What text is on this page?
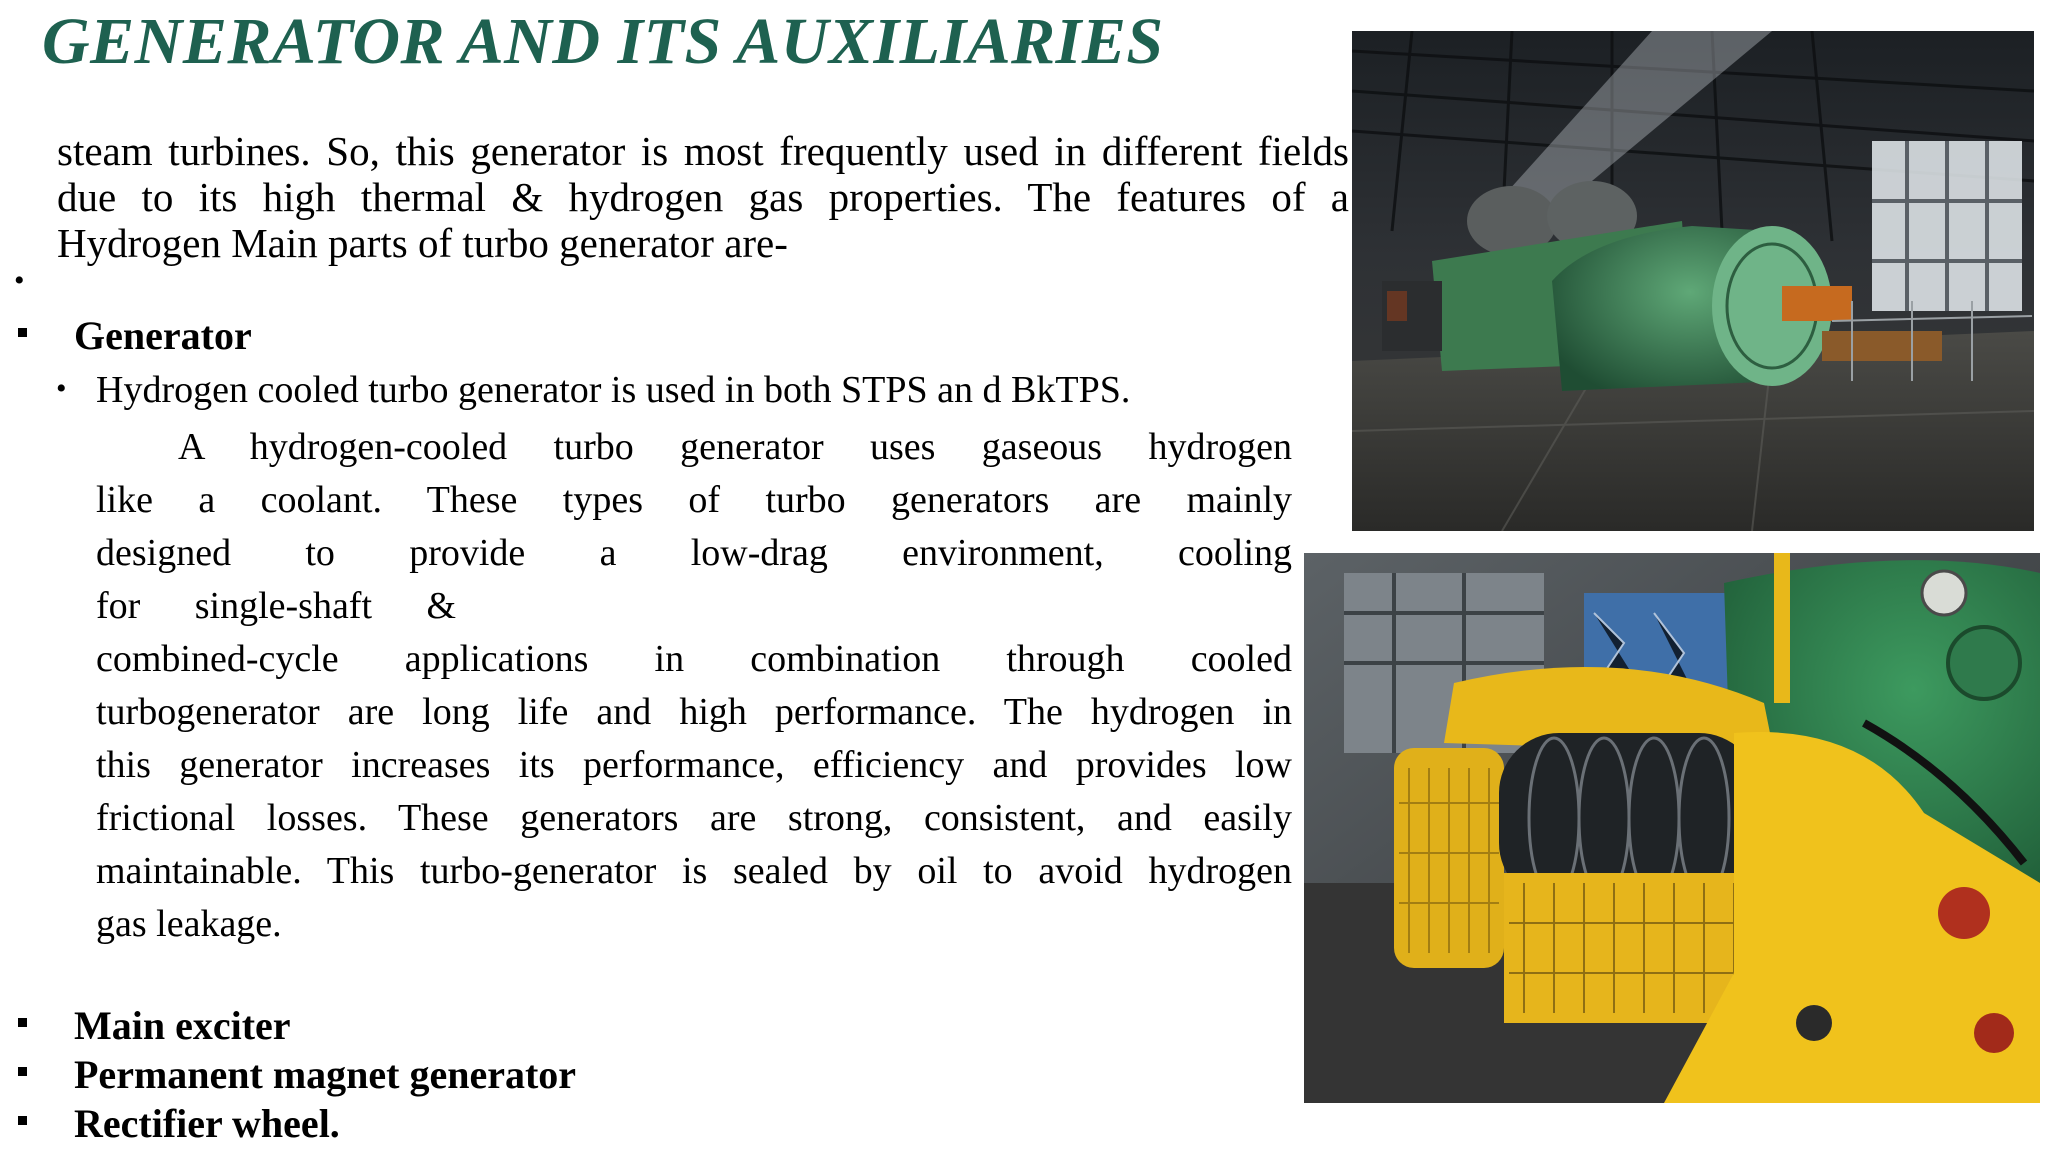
GENERATOR AND ITS AUXILIARIES
steam turbines. So, this generator is most frequently used in different fields
due to its high thermal & hydrogen gas properties. The features of a
Hydrogen Main parts of turbo generator are-
•
Generator
• Hydrogen cooled turbo generator is used in both STPS an d BkTPS.
A hydrogen-cooled turbo generator uses gaseous hydrogen
like a coolant. These types of turbo generators are mainly
designed to provide a low-drag environment, cooling
for single-shaft &
combined-cycle applications in combination through cooled
turbogenerator are long life and high performance. The hydrogen in
this generator increases its performance, efficiency and provides low
frictional losses. These generators are strong, consistent, and easily
maintainable. This turbo-generator is sealed by oil to avoid hydrogen
gas leakage.
Main exciter
Permanent magnet generator
Rectifier wheel.
